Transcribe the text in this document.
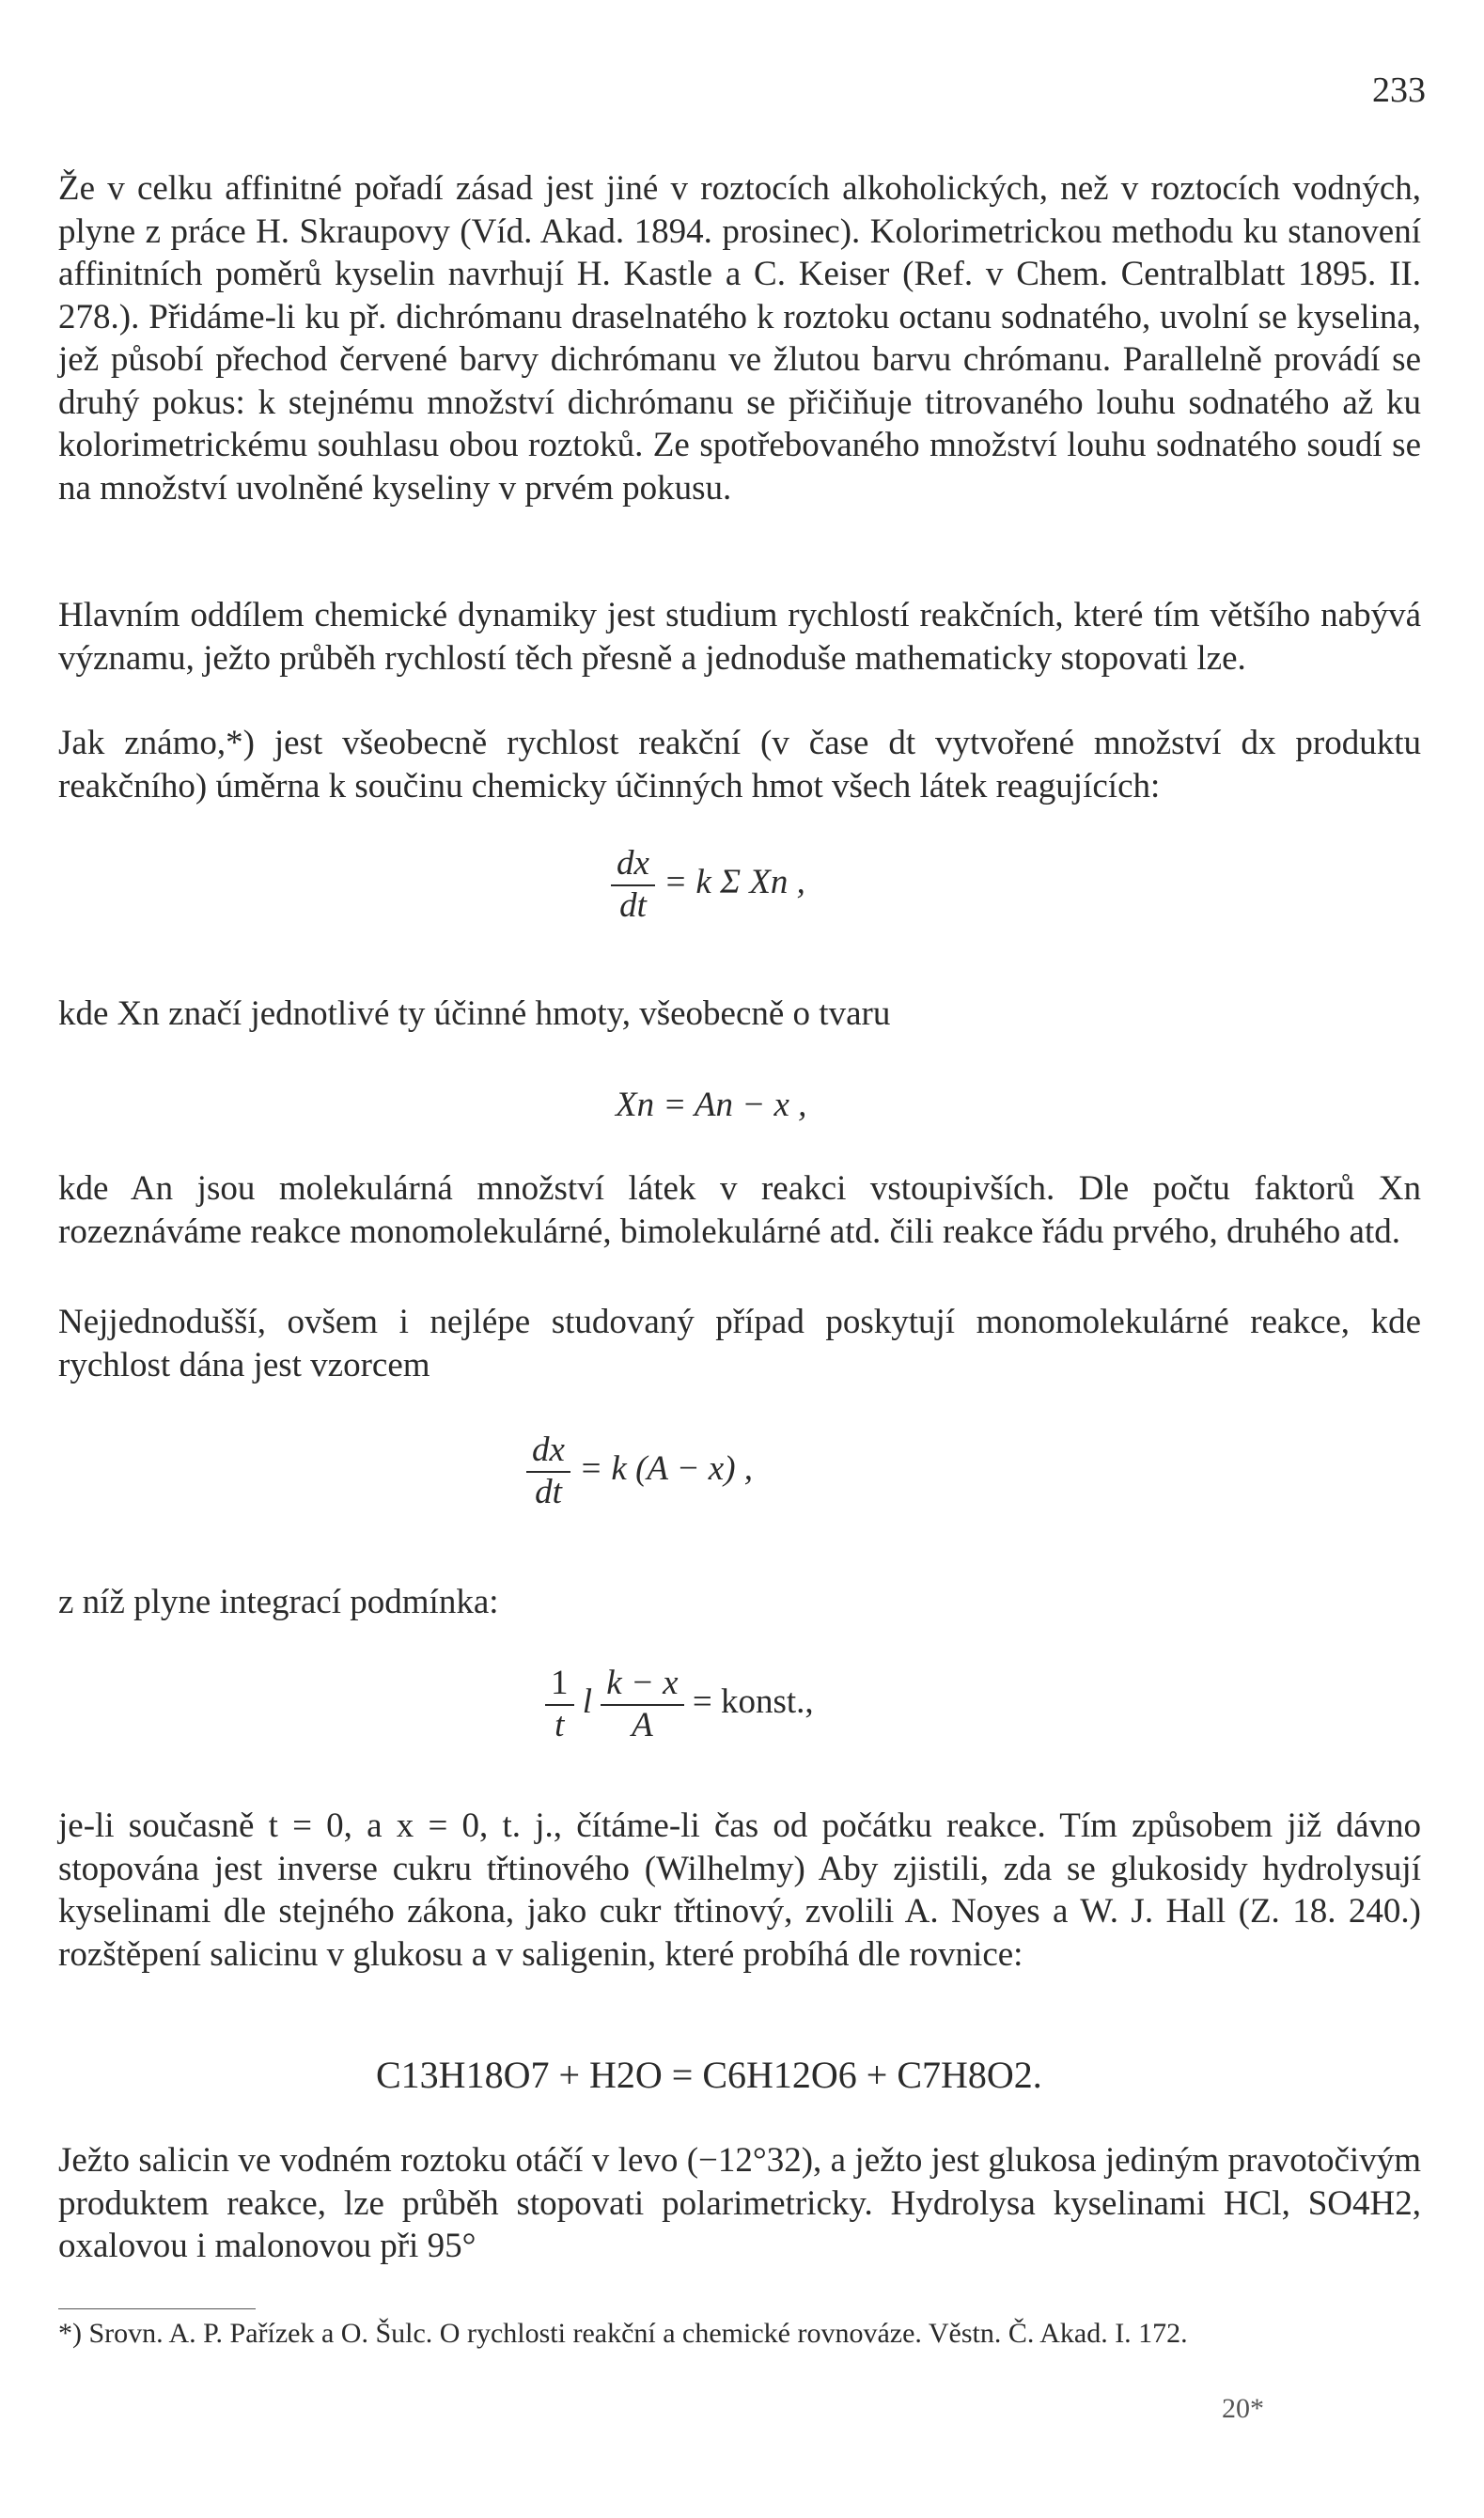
233

Že v celku affinitné pořadí zásad jest jiné v roztocích alkoholických, než v roztocích vodných, plyne z práce H. Skraupovy (Víd. Akad. 1894. prosinec). Kolorimetrickou methodu ku stanovení affinitních poměrů kyselin navrhují H. Kastle a C. Keiser (Ref. v Chem. Centralblatt 1895. II. 278.). Přidáme-li ku př. dichrómanu draselnatého k roztoku octanu sodnatého, uvolní se kyselina, jež působí přechod červené barvy dichrómanu ve žlutou barvu chrómanu. Parallelně provádí se druhý pokus: k stejnému množství dichrómanu se přičiňuje titrovaného louhu sodnatého až ku kolorimetrickému souhlasu obou roztoků. Ze spotřebovaného množství louhu sodnatého soudí se na množství uvolněné kyseliny v prvém pokusu.

Hlavním oddílem chemické dynamiky jest studium rychlostí reakčních, které tím většího nabývá významu, ježto průběh rychlostí těch přesně a jednoduše mathematicky stopovati lze.

Jak známo,*) jest všeobecně rychlost reakční (v čase dt vytvořené množství dx produktu reakčního) úměrna k součinu chemicky účinných hmot všech látek reagujících:

$\frac{dx}{dt} = k$ Σ Xn ,

kde Xn značí jednotlivé ty účinné hmoty, všeobecně o tvaru

Xn = An − x ,

kde An jsou molekulárná množství látek v reakci vstoupivších. Dle počtu faktorů Xn rozeznáváme reakce monomolekulárné, bimolekulárné atd. čili reakce řádu prvého, druhého atd.

Nejjednodušší, ovšem i nejlépe studovaný případ poskytují monomolekulárné reakce, kde rychlost dána jest vzorcem

$\frac{dx}{dt} = k$ (A − x) ,

z níž plyne integrací podmínka:

$\frac{1}{t}$ l $\frac{k - x}{A}$ = konst.,

je-li současně t = 0, a x = 0, t. j., čítáme-li čas od počátku reakce. Tím způsobem již dávno stopována jest inverse cukru třtinového (Wilhelmy) Aby zjistili, zda se glukosidy hydrolysují kyselinami dle stejného zákona, jako cukr třtinový, zvolili A. Noyes a W. J. Hall (Z. 18. 240.) rozštěpení salicinu v glukosu a v saligenin, které probíhá dle rovnice:

C13H18O7 + H2O = C6H12O6 + C7H8O2.

Ježto salicin ve vodném roztoku otáčí v levo (−12°32), a ježto jest glukosa jediným pravotočivým produktem reakce, lze průběh stopovati polarimetricky. Hydrolysa kyselinami HCl, SO4H2, oxalovou i malonovou při 95°

*) Srovn. A. P. Pařízek a O. Šulc. O rychlosti reakční a chemické rovnováze. Věstn. Č. Akad. I. 172.

20*
